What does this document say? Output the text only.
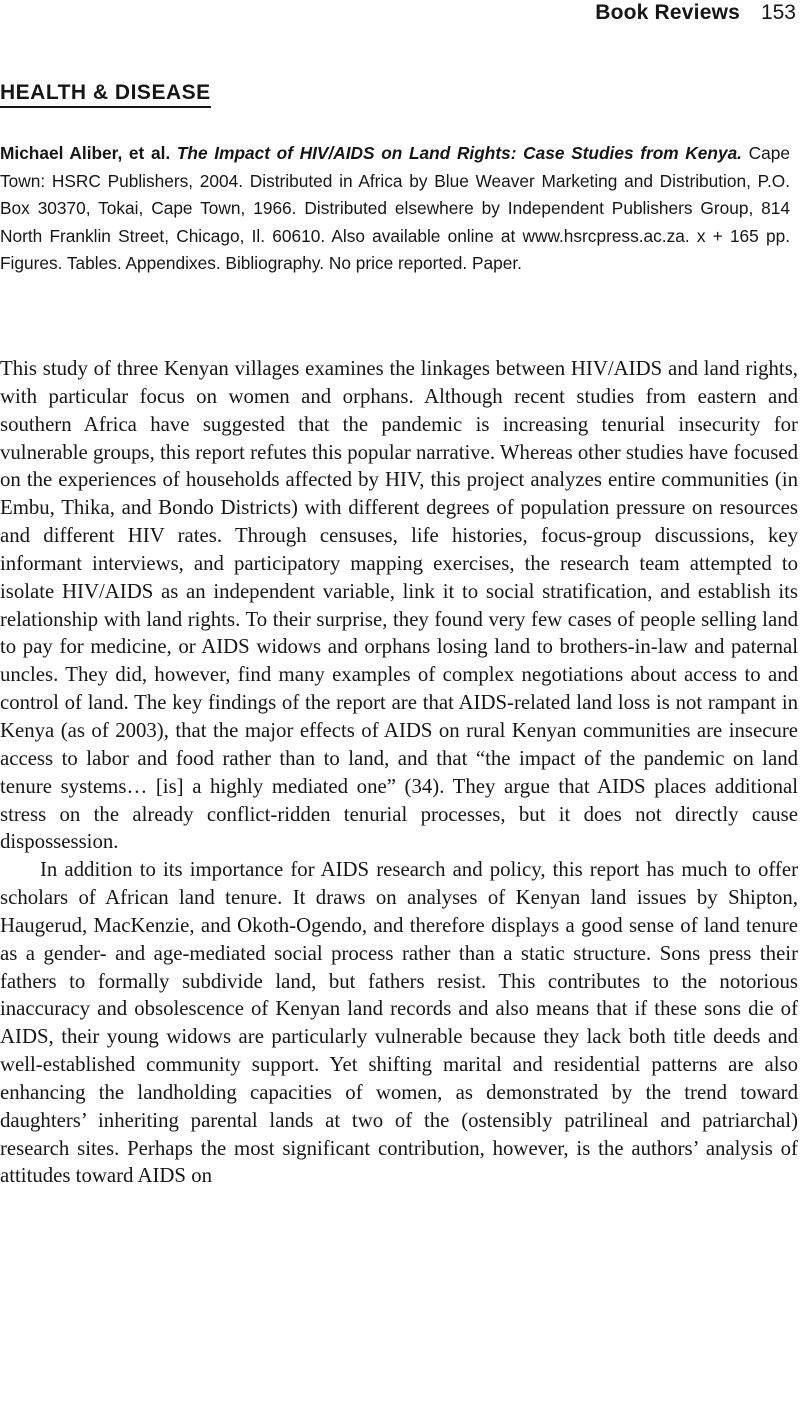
Book Reviews 153
HEALTH & DISEASE
Michael Aliber, et al. The Impact of HIV/AIDS on Land Rights: Case Studies from Kenya. Cape Town: HSRC Publishers, 2004. Distributed in Africa by Blue Weaver Marketing and Distribution, P.O. Box 30370, Tokai, Cape Town, 1966. Distributed elsewhere by Independent Publishers Group, 814 North Franklin Street, Chicago, Il. 60610. Also available online at www.hsrcpress.ac.za. x + 165 pp. Figures. Tables. Appendixes. Bibliography. No price reported. Paper.

This study of three Kenyan villages examines the linkages between HIV/AIDS and land rights, with particular focus on women and orphans. Although recent studies from eastern and southern Africa have suggested that the pandemic is increasing tenurial insecurity for vulnerable groups, this report refutes this popular narrative. Whereas other studies have focused on the experiences of households affected by HIV, this project analyzes entire communities (in Embu, Thika, and Bondo Districts) with different degrees of population pressure on resources and different HIV rates. Through censuses, life histories, focus-group discussions, key informant interviews, and participatory mapping exercises, the research team attempted to isolate HIV/AIDS as an independent variable, link it to social stratification, and establish its relationship with land rights. To their surprise, they found very few cases of people selling land to pay for medicine, or AIDS widows and orphans losing land to brothers-in-law and paternal uncles. They did, however, find many examples of complex negotiations about access to and control of land. The key findings of the report are that AIDS-related land loss is not rampant in Kenya (as of 2003), that the major effects of AIDS on rural Kenyan communities are insecure access to labor and food rather than to land, and that “the impact of the pandemic on land tenure systems… [is] a highly mediated one” (34). They argue that AIDS places additional stress on the already conflict-ridden tenurial processes, but it does not directly cause dispossession.

In addition to its importance for AIDS research and policy, this report has much to offer scholars of African land tenure. It draws on analyses of Kenyan land issues by Shipton, Haugerud, MacKenzie, and Okoth-Ogendo, and therefore displays a good sense of land tenure as a gender- and age-mediated social process rather than a static structure. Sons press their fathers to formally subdivide land, but fathers resist. This contributes to the notorious inaccuracy and obsolescence of Kenyan land records and also means that if these sons die of AIDS, their young widows are particularly vulnerable because they lack both title deeds and well-established community support. Yet shifting marital and residential patterns are also enhancing the landholding capacities of women, as demonstrated by the trend toward daughters’ inheriting parental lands at two of the (ostensibly patrilineal and patriarchal) research sites. Perhaps the most significant contribution, however, is the authors’ analysis of attitudes toward AIDS on
